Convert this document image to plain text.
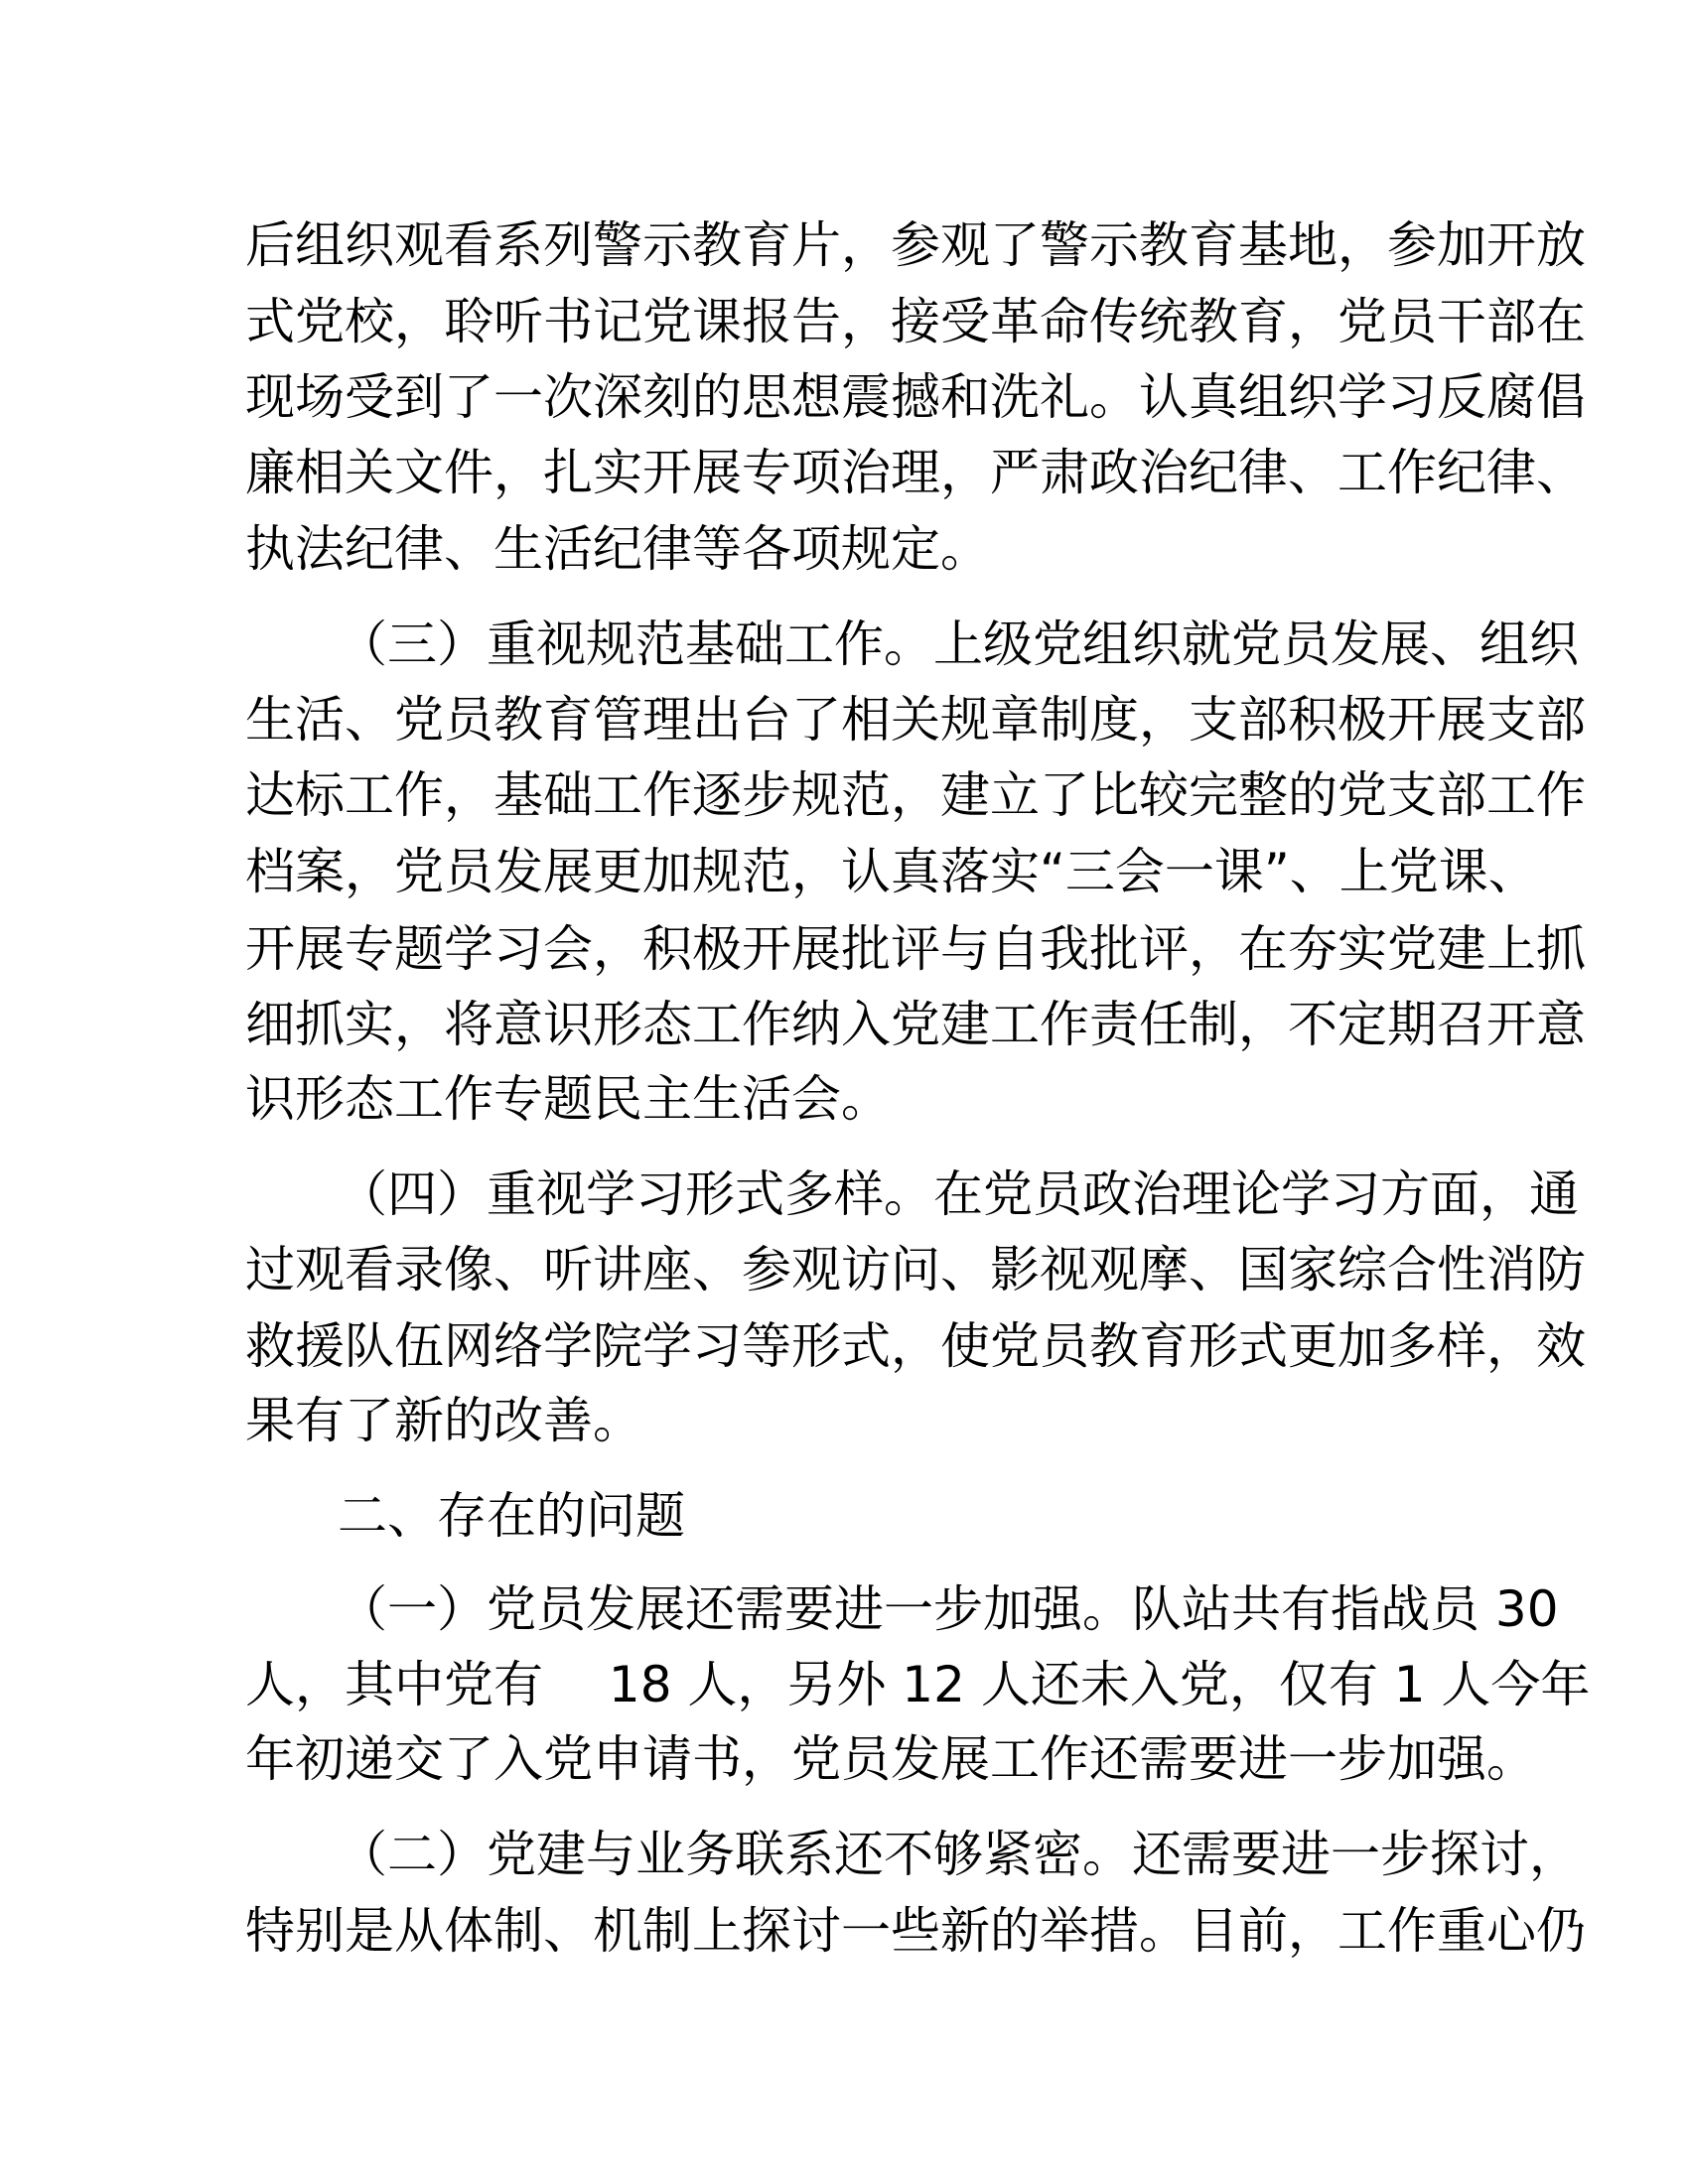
后组织观看系列警示教育片，参观了警示教育基地，参加开放
式党校，聆听书记党课报告，接受革命传统教育，党员干部在
现场受到了一次深刻的思想震撼和洗礼。认真组织学习反腐倡
廉相关文件，扎实开展专项治理，严肃政治纪律、工作纪律、
执法纪律、生活纪律等各项规定。
（三）重视规范基础工作。上级党组织就党员发展、组织
生活、党员教育管理出台了相关规章制度，支部积极开展支部
达标工作，基础工作逐步规范，建立了比较完整的党支部工作
档案，党员发展更加规范，认真落实“三会一课”、上党课、
开展专题学习会，积极开展批评与自我批评，在夯实党建上抓
细抓实，将意识形态工作纳入党建工作责任制，不定期召开意
识形态工作专题民主生活会。
（四）重视学习形式多样。在党员政治理论学习方面，通
过观看录像、听讲座、参观访问、影视观摩、国家综合性消防
救援队伍网络学院学习等形式，使党员教育形式更加多样，效
果有了新的改善。
二、存在的问题
（一）党员发展还需要进一步加强。队站共有指战员 30
人，其中党有　 18 人，另外 12 人还未入党，仅有 1 人今年
年初递交了入党申请书，党员发展工作还需要进一步加强。
（二）党建与业务联系还不够紧密。还需要进一步探讨，
特别是从体制、机制上探讨一些新的举措。目前，工作重心仍
